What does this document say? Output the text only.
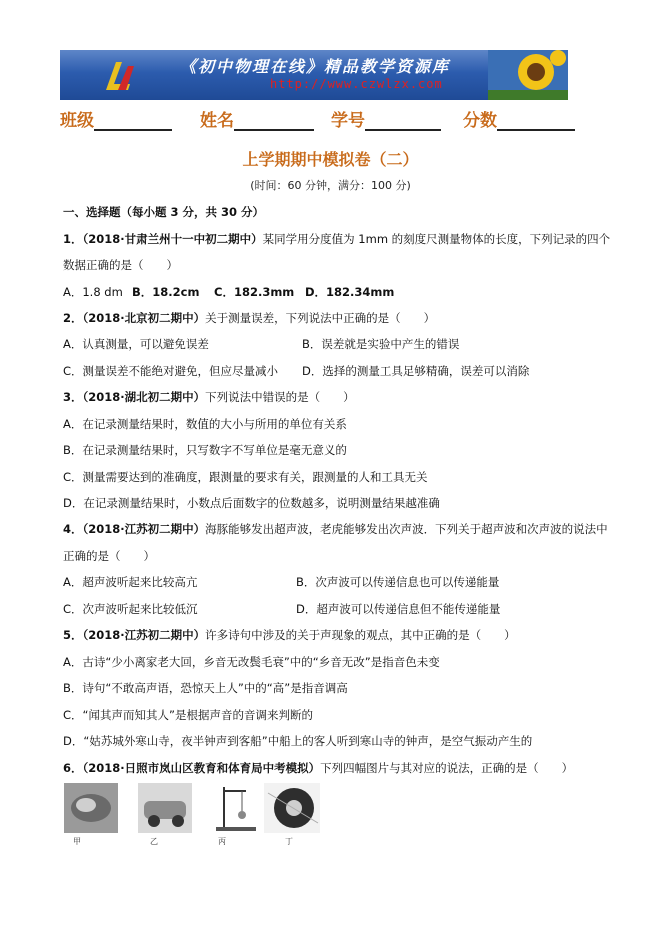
《初中物理在线》精品教学资源库
http://www.czwlzx.com
班级	姓名	学号	分数
上学期期中模拟卷（二）
(时间：60 分钟，满分：100 分)
一、选择题（每小题 3 分，共 30 分）
1．（2018·甘肃兰州十一中初二期中）某同学用分度值为 1mm 的刻度尺测量物体的长度，下列记录的四个
数据正确的是（　　）
A．1.8 dm B．18.2cm C．182.3mm D．182.34mm
2．（2018·北京初二期中）关于测量误差，下列说法中正确的是（　　）
A．认真测量，可以避免误差	B．误差就是实验中产生的错误
C．测量误差不能绝对避免，但应尽量减小 D．选择的测量工具足够精确，误差可以消除
3．（2018·湖北初二期中）下列说法中错误的是（　　）
A．在记录测量结果时，数值的大小与所用的单位有关系
B．在记录测量结果时，只写数字不写单位是毫无意义的
C．测量需要达到的准确度，跟测量的要求有关，跟测量的人和工具无关
D．在记录测量结果时，小数点后面数字的位数越多，说明测量结果越准确
4．（2018·江苏初二期中）海豚能够发出超声波，老虎能够发出次声波．下列关于超声波和次声波的说法中
正确的是（　　）
A．超声波听起来比较高亢	B．次声波可以传递信息也可以传递能量
C．次声波听起来比较低沉	D．超声波可以传递信息但不能传递能量
5．（2018·江苏初二期中）许多诗句中涉及的关于声现象的观点，其中正确的是（　　）
A．古诗“少小离家老大回，乡音无改鬓毛衰”中的“乡音无改”是指音色未变
B．诗句“不敢高声语，恐惊天上人”中的“高”是指音调高
C．“闻其声而知其人”是根据声音的音调来判断的
D．“姑苏城外寒山寺，夜半钟声到客船”中船上的客人听到寒山寺的钟声，是空气振动产生的
6．（2018·日照市岚山区教育和体育局中考模拟）下列四幅图片与其对应的说法，正确的是（　　）
甲	乙	丙	丁
